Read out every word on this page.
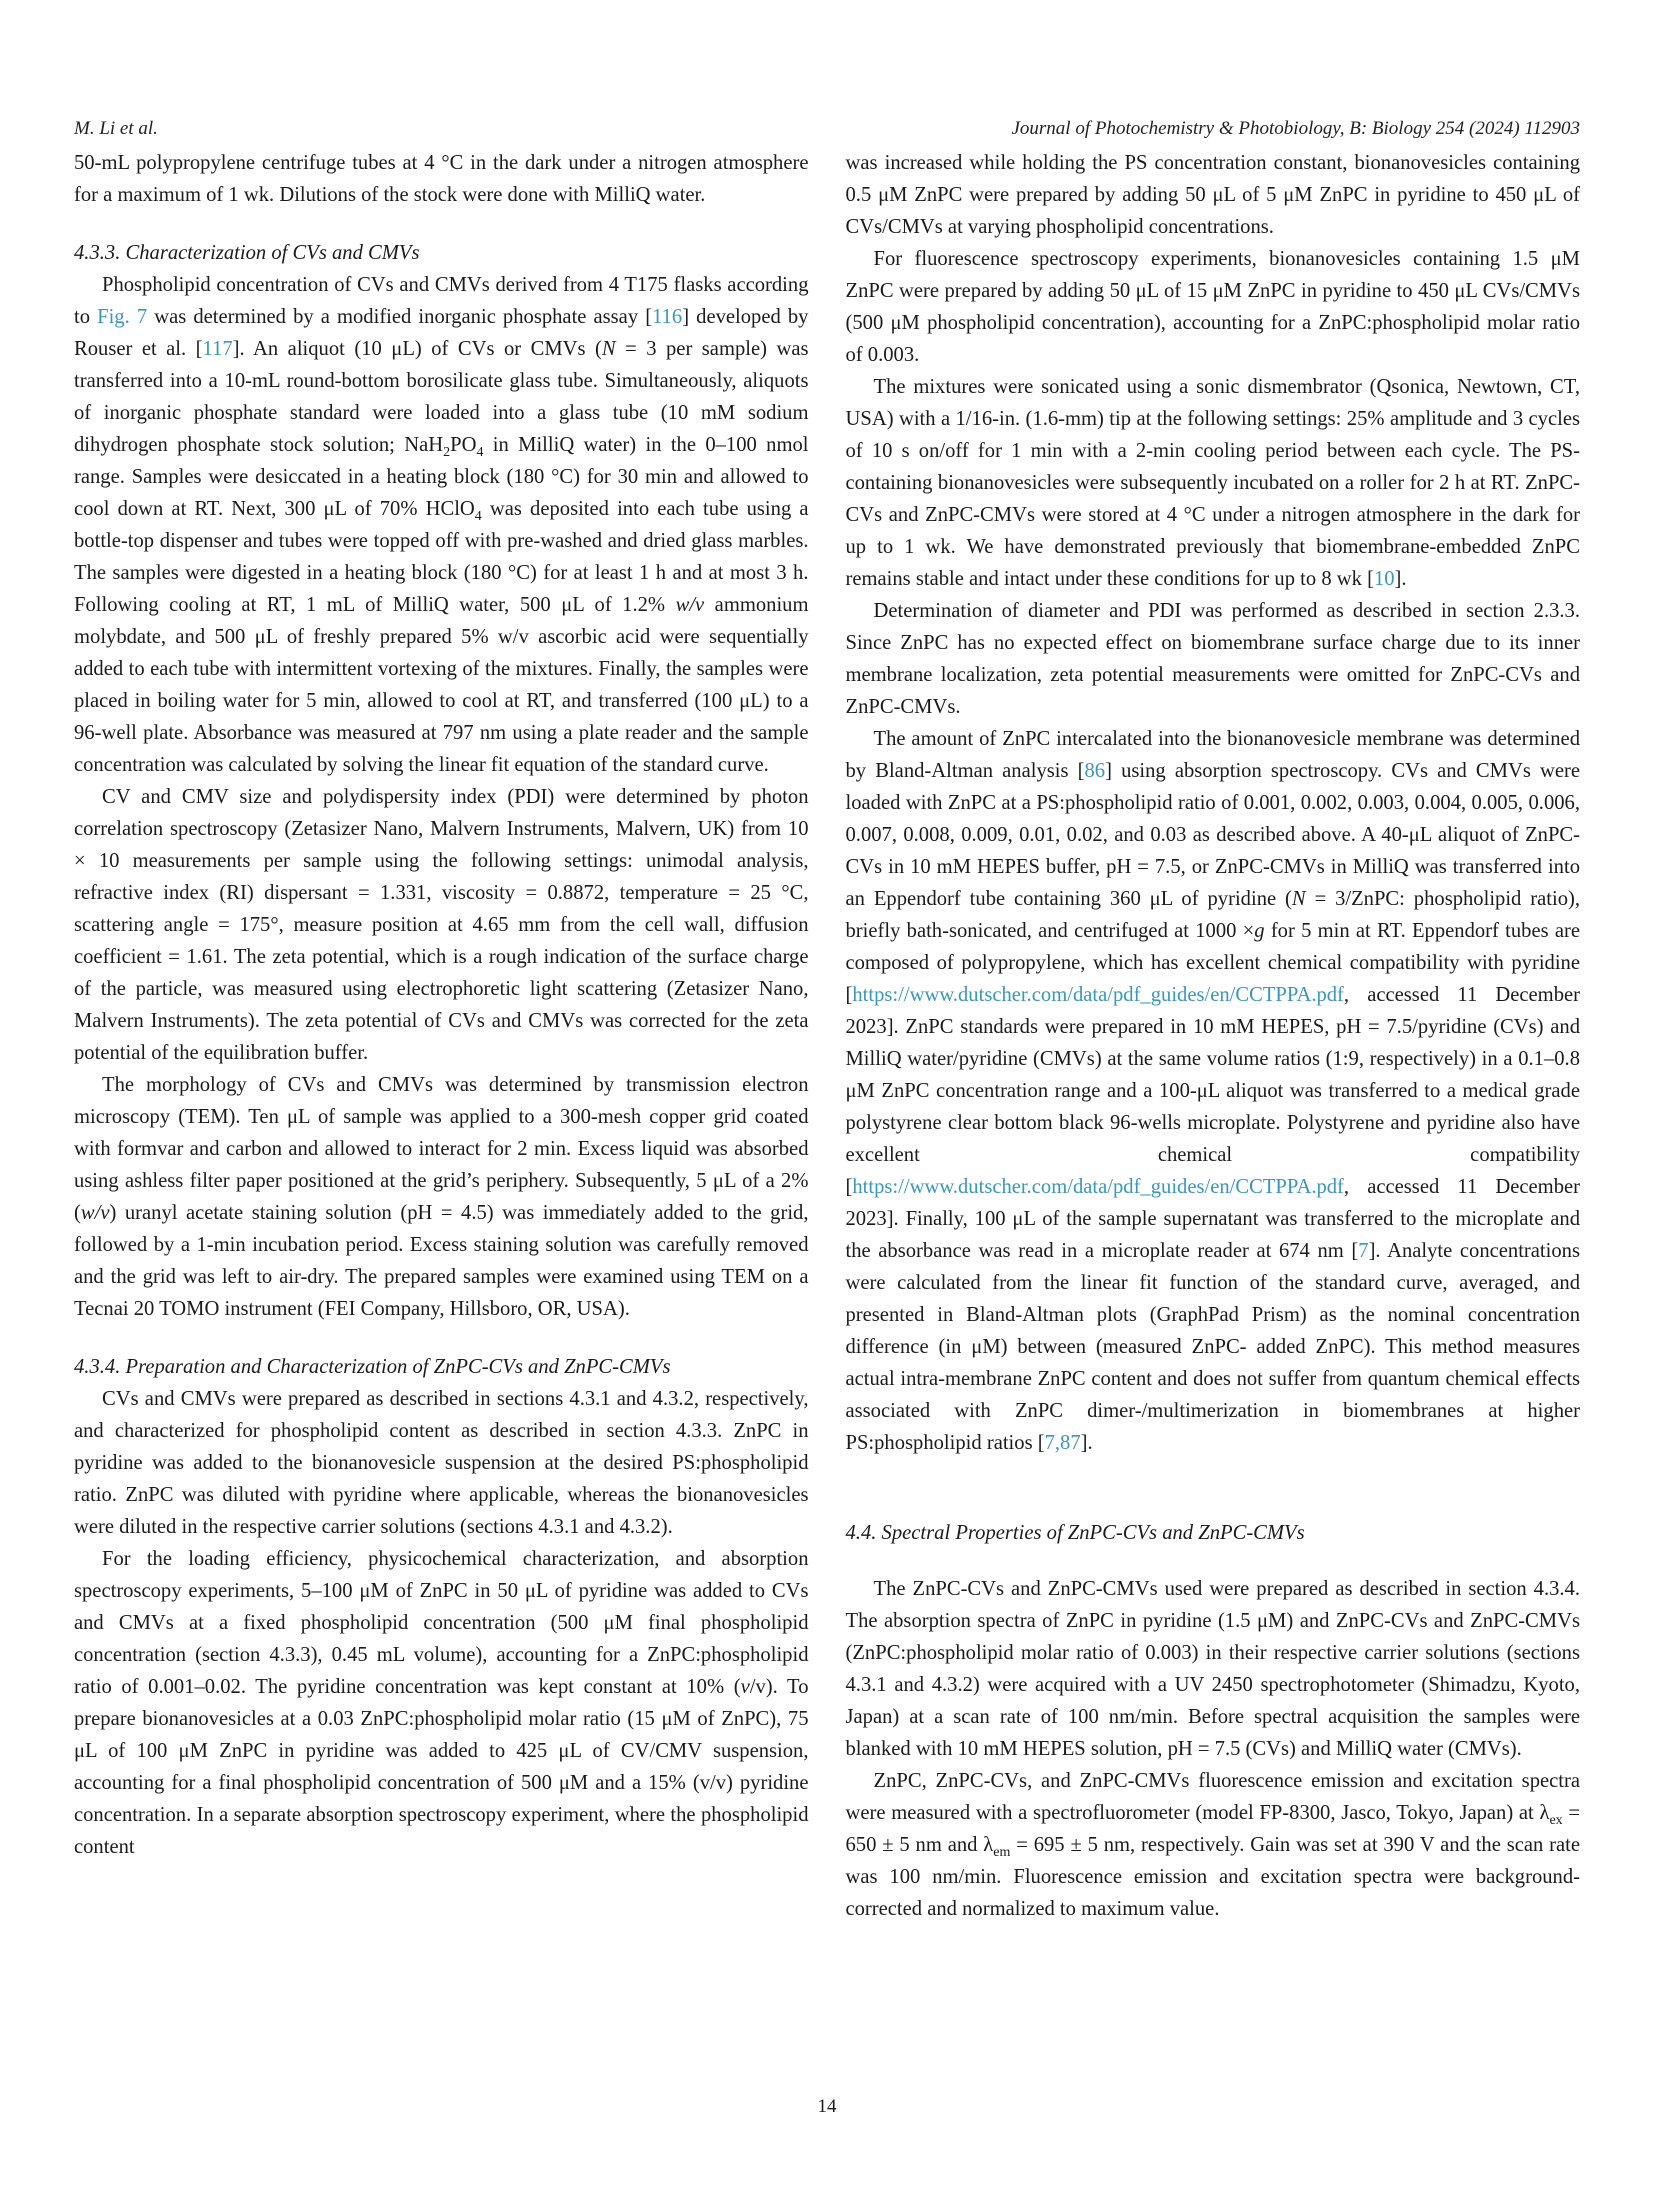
M. Li et al.	Journal of Photochemistry & Photobiology, B: Biology 254 (2024) 112903

50-mL polypropylene centrifuge tubes at 4 °C in the dark under a nitrogen atmosphere for a maximum of 1 wk. Dilutions of the stock were done with MilliQ water.

4.3.3. Characterization of CVs and CMVs

Phospholipid concentration of CVs and CMVs derived from 4 T175 flasks according to Fig. 7 was determined by a modified inorganic phosphate assay [116] developed by Rouser et al. [117]. An aliquot (10 μL) of CVs or CMVs (N = 3 per sample) was transferred into a 10-mL round-bottom borosilicate glass tube. Simultaneously, aliquots of inorganic phosphate standard were loaded into a glass tube (10 mM sodium dihydrogen phosphate stock solution; $NaH_2PO_4$ in MilliQ water) in the 0–100 nmol range. Samples were desiccated in a heating block (180 °C) for 30 min and allowed to cool down at RT. Next, 300 μL of 70% HClO$_4$ was deposited into each tube using a bottle-top dispenser and tubes were topped off with pre-washed and dried glass marbles. The samples were digested in a heating block (180 °C) for at least 1 h and at most 3 h. Following cooling at RT, 1 mL of MilliQ water, 500 μL of 1.2% w/v ammonium molybdate, and 500 μL of freshly prepared 5% w/v ascorbic acid were sequentially added to each tube with intermittent vortexing of the mixtures. Finally, the samples were placed in boiling water for 5 min, allowed to cool at RT, and transferred (100 μL) to a 96-well plate. Absorbance was measured at 797 nm using a plate reader and the sample concentration was calculated by solving the linear fit equation of the standard curve.

CV and CMV size and polydispersity index (PDI) were determined by photon correlation spectroscopy (Zetasizer Nano, Malvern Instruments, Malvern, UK) from 10 × 10 measurements per sample using the following settings: unimodal analysis, refractive index (RI) dispersant = 1.331, viscosity = 0.8872, temperature = 25 °C, scattering angle = 175°, measure position at 4.65 mm from the cell wall, diffusion coefficient = 1.61. The zeta potential, which is a rough indication of the surface charge of the particle, was measured using electrophoretic light scattering (Zetasizer Nano, Malvern Instruments). The zeta potential of CVs and CMVs was corrected for the zeta potential of the equilibration buffer.

The morphology of CVs and CMVs was determined by transmission electron microscopy (TEM). Ten μL of sample was applied to a 300-mesh copper grid coated with formvar and carbon and allowed to interact for 2 min. Excess liquid was absorbed using ashless filter paper positioned at the grid’s periphery. Subsequently, 5 μL of a 2% (w/v) uranyl acetate staining solution (pH = 4.5) was immediately added to the grid, followed by a 1-min incubation period. Excess staining solution was carefully removed and the grid was left to air-dry. The prepared samples were examined using TEM on a Tecnai 20 TOMO instrument (FEI Company, Hillsboro, OR, USA).

4.3.4. Preparation and Characterization of ZnPC-CVs and ZnPC-CMVs

CVs and CMVs were prepared as described in sections 4.3.1 and 4.3.2, respectively, and characterized for phospholipid content as described in section 4.3.3. ZnPC in pyridine was added to the bionanovesicle suspension at the desired PS:phospholipid ratio. ZnPC was diluted with pyridine where applicable, whereas the bionanovesicles were diluted in the respective carrier solutions (sections 4.3.1 and 4.3.2).

For the loading efficiency, physicochemical characterization, and absorption spectroscopy experiments, 5–100 μM of ZnPC in 50 μL of pyridine was added to CVs and CMVs at a fixed phospholipid concentration (500 μM final phospholipid concentration (section 4.3.3), 0.45 mL volume), accounting for a ZnPC:phospholipid ratio of 0.001–0.02. The pyridine concentration was kept constant at 10% (v/v). To prepare bionanovesicles at a 0.03 ZnPC:phospholipid molar ratio (15 μM of ZnPC), 75 μL of 100 μM ZnPC in pyridine was added to 425 μL of CV/CMV suspension, accounting for a final phospholipid concentration of 500 μM and a 15% (v/v) pyridine concentration. In a separate absorption spectroscopy experiment, where the phospholipid content

was increased while holding the PS concentration constant, bionanovesicles containing 0.5 μM ZnPC were prepared by adding 50 μL of 5 μM ZnPC in pyridine to 450 μL of CVs/CMVs at varying phospholipid concentrations.

For fluorescence spectroscopy experiments, bionanovesicles containing 1.5 μM ZnPC were prepared by adding 50 μL of 15 μM ZnPC in pyridine to 450 μL CVs/CMVs (500 μM phospholipid concentration), accounting for a ZnPC:phospholipid molar ratio of 0.003.

The mixtures were sonicated using a sonic dismembrator (Qsonica, Newtown, CT, USA) with a 1/16-in. (1.6-mm) tip at the following settings: 25% amplitude and 3 cycles of 10 s on/off for 1 min with a 2-min cooling period between each cycle. The PS-containing bionanovesicles were subsequently incubated on a roller for 2 h at RT. ZnPC-CVs and ZnPC-CMVs were stored at 4 °C under a nitrogen atmosphere in the dark for up to 1 wk. We have demonstrated previously that biomembrane-embedded ZnPC remains stable and intact under these conditions for up to 8 wk [10].

Determination of diameter and PDI was performed as described in section 2.3.3. Since ZnPC has no expected effect on biomembrane surface charge due to its inner membrane localization, zeta potential measurements were omitted for ZnPC-CVs and ZnPC-CMVs.

The amount of ZnPC intercalated into the bionanovesicle membrane was determined by Bland-Altman analysis [86] using absorption spectroscopy. CVs and CMVs were loaded with ZnPC at a PS:phospholipid ratio of 0.001, 0.002, 0.003, 0.004, 0.005, 0.006, 0.007, 0.008, 0.009, 0.01, 0.02, and 0.03 as described above. A 40-μL aliquot of ZnPC-CVs in 10 mM HEPES buffer, pH = 7.5, or ZnPC-CMVs in MilliQ was transferred into an Eppendorf tube containing 360 μL of pyridine (N = 3/ZnPC: phospholipid ratio), briefly bath-sonicated, and centrifuged at 1000 ×g for 5 min at RT. Eppendorf tubes are composed of polypropylene, which has excellent chemical compatibility with pyridine [https://www.dutscher.com/data/pdf_guides/en/CCTPPA.pdf, accessed 11 December 2023]. ZnPC standards were prepared in 10 mM HEPES, pH = 7.5/pyridine (CVs) and MilliQ water/pyridine (CMVs) at the same volume ratios (1:9, respectively) in a 0.1–0.8 μM ZnPC concentration range and a 100-μL aliquot was transferred to a medical grade polystyrene clear bottom black 96-wells microplate. Polystyrene and pyridine also have excellent chemical compatibility [https://www.dutscher.com/data/pdf_guides/en/CCTPPA.pdf, accessed 11 December 2023]. Finally, 100 μL of the sample supernatant was transferred to the microplate and the absorbance was read in a microplate reader at 674 nm [7]. Analyte concentrations were calculated from the linear fit function of the standard curve, averaged, and presented in Bland-Altman plots (GraphPad Prism) as the nominal concentration difference (in μM) between (measured ZnPC- added ZnPC). This method measures actual intra-membrane ZnPC content and does not suffer from quantum chemical effects associated with ZnPC dimer-/multimerization in biomembranes at higher PS:phospholipid ratios [7,87].

4.4. Spectral Properties of ZnPC-CVs and ZnPC-CMVs

The ZnPC-CVs and ZnPC-CMVs used were prepared as described in section 4.3.4. The absorption spectra of ZnPC in pyridine (1.5 μM) and ZnPC-CVs and ZnPC-CMVs (ZnPC:phospholipid molar ratio of 0.003) in their respective carrier solutions (sections 4.3.1 and 4.3.2) were acquired with a UV 2450 spectrophotometer (Shimadzu, Kyoto, Japan) at a scan rate of 100 nm/min. Before spectral acquisition the samples were blanked with 10 mM HEPES solution, pH = 7.5 (CVs) and MilliQ water (CMVs).

ZnPC, ZnPC-CVs, and ZnPC-CMVs fluorescence emission and excitation spectra were measured with a spectrofluorometer (model FP-8300, Jasco, Tokyo, Japan) at $\lambda_{ex} = 650 \pm 5$ nm and $\lambda_{em} = 695 \pm 5$ nm, respectively. Gain was set at 390 V and the scan rate was 100 nm/min. Fluorescence emission and excitation spectra were background-corrected and normalized to maximum value.

14
